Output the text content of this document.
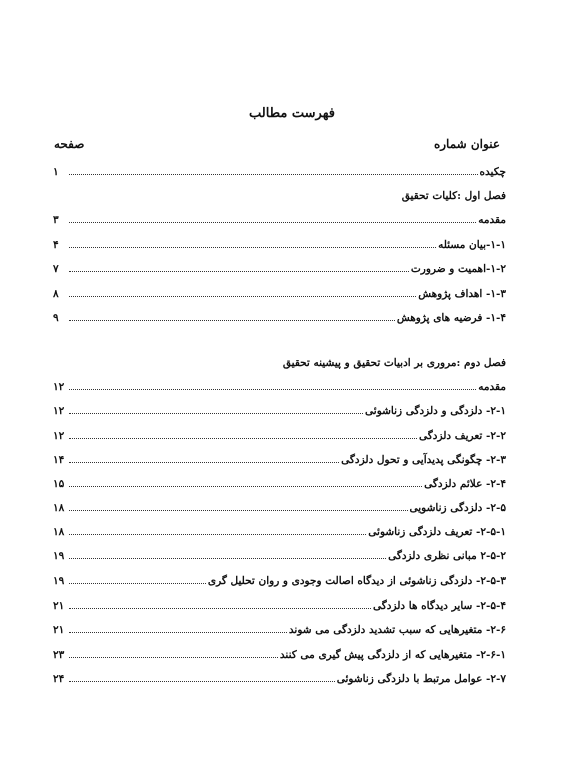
فهرست مطالب
صفحه	عنوان شماره
چکیده
۱
فصل اول :کلیات تحقیق
مقدمه
۳
۱-۱-بیان مسئله
۴
۱-۲-اهمیت و ضرورت
۷
۱-۳- اهداف پژوهش
۸
۱-۴- فرضیه های پژوهش
۹
فصل دوم :مروری بر ادبیات تحقیق و پیشینه تحقیق
مقدمه
۱۲
۲-۱- دلزدگی و دلزدگی زناشوئی
۱۲
۲-۲- تعریف دلزدگی
۱۲
۲-۳- چگونگی پدیدآیی و تحول دلزدگی
۱۴
۲-۴- علائم دلزدگی
۱۵
۲-۵- دلزدگی زناشویی
۱۸
۲-۵-۱- تعریف دلزدگی زناشوئی
۱۸
۲-۵-۲ مبانی نظری دلزدگی
۱۹
۲-۵-۳- دلزدگی زناشوئی از دیدگاه اصالت وجودی و روان تحلیل گری
۱۹
۲-۵-۴- سایر دیدگاه ها دلزدگی
۲۱
۲-۶- متغیرهایی که سبب تشدید دلزدگی می شوند
۲۱
۲-۶-۱- متغیرهایی که از دلزدگی پیش گیری می کنند
۲۳
۲-۷- عوامل مرتبط با دلزدگی زناشوئی
۲۴
